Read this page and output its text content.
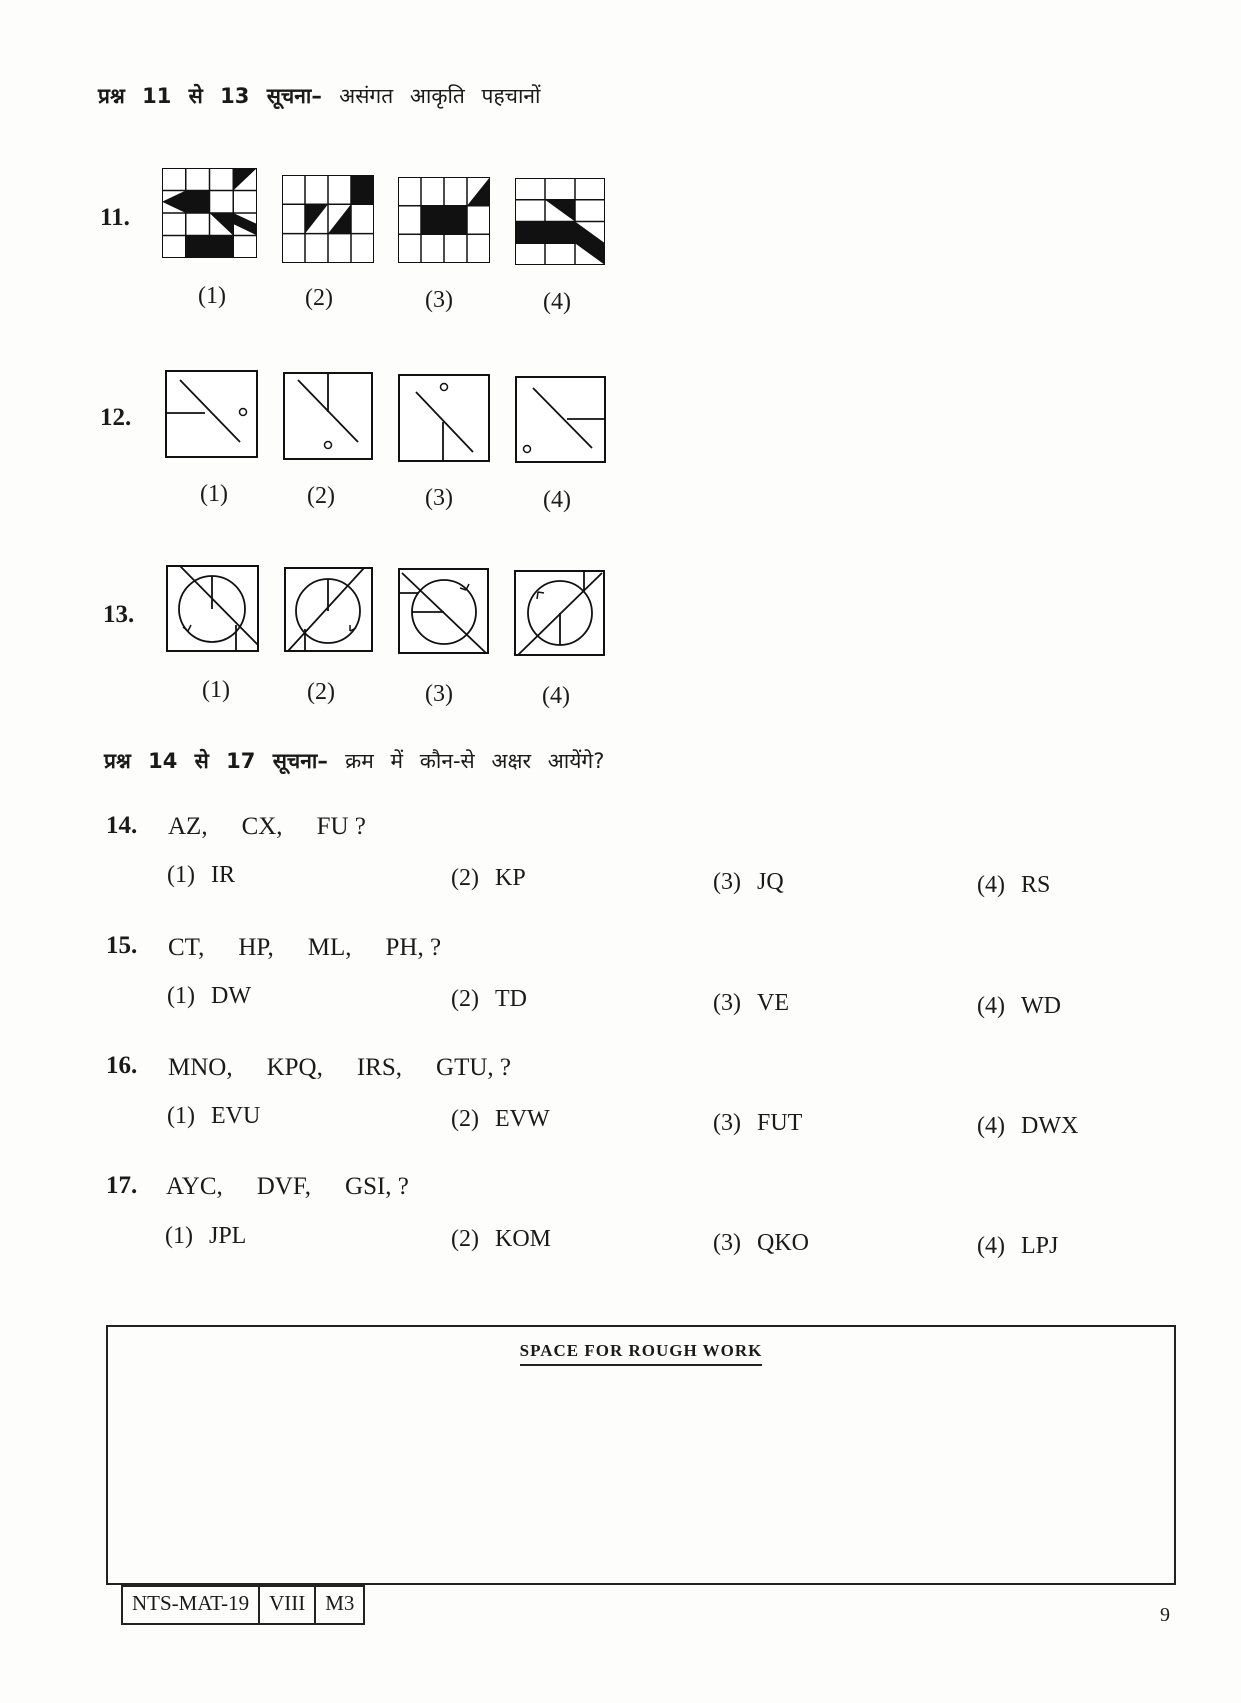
प्रश्न 11 से 13 सूचना– असंगत आकृति पहचानों
11.
(1)	(2)	(3)	(4)
12.
(1)	(2)	(3)	(4)
13.
(1)	(2)	(3)	(4)
प्रश्न 14 से 17 सूचना– क्रम में कौन-से अक्षर आयेंगे?
14. AZ, CX, FU ?
(1) IR	(2) KP	(3) JQ	(4) RS
15. CT, HP, ML, PH, ?
(1) DW	(2) TD	(3) VE	(4) WD
16. MNO, KPQ, IRS, GTU, ?
(1) EVU	(2) EVW	(3) FUT	(4) DWX
17. AYC, DVF, GSI, ?
(1) JPL	(2) KOM	(3) QKO	(4) LPJ
SPACE FOR ROUGH WORK
NTS-MAT-19 VIII M3	9
